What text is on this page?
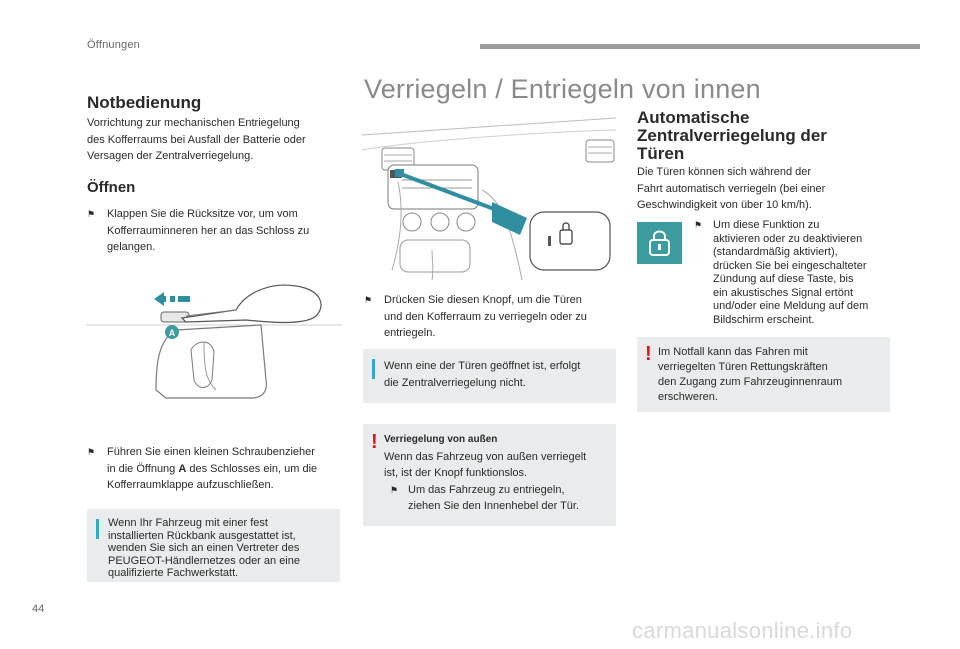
Öffnungen
Notbedienung
Vorrichtung zur mechanischen Entriegelung
des Kofferraums bei Ausfall der Batterie oder
Versagen der Zentralverriegelung.
Öffnen
⚑ Klappen Sie die Rücksitze vor, um vom
Kofferrauminneren her an das Schloss zu
gelangen.
A
⚑ Führen Sie einen kleinen Schraubenzieher
in die Öffnung A des Schlosses ein, um die
Kofferraumklappe aufzuschließen.
Wenn Ihr Fahrzeug mit einer fest
installierten Rückbank ausgestattet ist,
wenden Sie sich an einen Vertreter des
PEUGEOT-Händlernetzes oder an eine
qualifizierte Fachwerkstatt.
Verriegeln / Entriegeln von innen
⚑ Drücken Sie diesen Knopf, um die Türen
und den Kofferraum zu verriegeln oder zu
entriegeln.
Wenn eine der Türen geöffnet ist, erfolgt
die Zentralverriegelung nicht.
! Verriegelung von außen
Wenn das Fahrzeug von außen verriegelt
ist, ist der Knopf funktionslos.
⚑ Um das Fahrzeug zu entriegeln,
ziehen Sie den Innenhebel der Tür.
Automatische
Zentralverriegelung der
Türen
Die Türen können sich während der
Fahrt automatisch verriegeln (bei einer
Geschwindigkeit von über 10 km/h).
⚑ Um diese Funktion zu
aktivieren oder zu deaktivieren
(standardmäßig aktiviert),
drücken Sie bei eingeschalteter
Zündung auf diese Taste, bis
ein akustisches Signal ertönt
und/oder eine Meldung auf dem
Bildschirm erscheint.
! Im Notfall kann das Fahren mit
verriegelten Türen Rettungskräften
den Zugang zum Fahrzeuginnenraum
erschweren.
44
carmanualsonline.info
